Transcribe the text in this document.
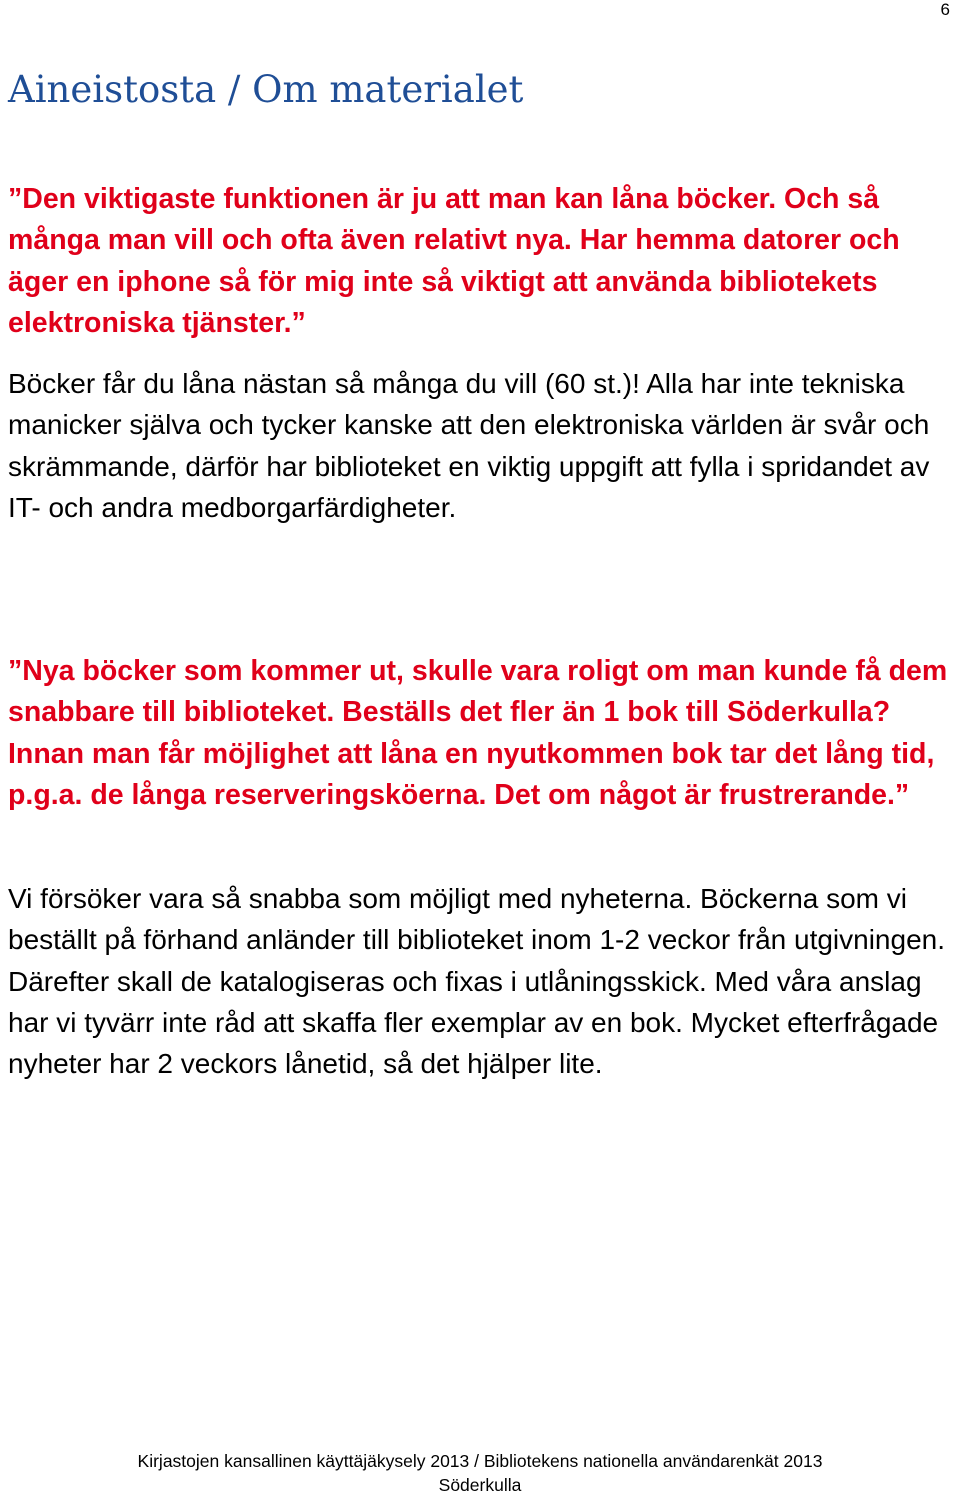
6
Aineistosta / Om materialet

”Den viktigaste funktionen är ju att man kan låna böcker. Och så många man vill och ofta även relativt nya. Har hemma datorer och äger en iphone så för mig inte så viktigt att använda bibliotekets elektroniska tjänster.”

Böcker får du låna nästan så många du vill (60 st.)! Alla har inte tekniska manicker själva och tycker kanske att den elektroniska världen är svår och skrämmande, därför har biblioteket en viktig uppgift att fylla i spridandet av IT- och andra medborgarfärdigheter.

”Nya böcker som kommer ut, skulle vara roligt om man kunde få dem snabbare till biblioteket. Beställs det fler än 1 bok till Söderkulla? Innan man får möjlighet att låna en nyutkommen bok tar det lång tid, p.g.a. de långa reserveringsköerna. Det om något är frustrerande.”

Vi försöker vara så snabba som möjligt med nyheterna. Böckerna som vi beställt på förhand anländer till biblioteket inom 1-2 veckor från utgivningen. Därefter skall de katalogiseras och fixas i utlåningsskick. Med våra anslag har vi tyvärr inte råd att skaffa fler exemplar av en bok. Mycket efterfrågade nyheter har 2 veckors lånetid, så det hjälper lite.

Kirjastojen kansallinen käyttäjäkysely 2013 / Bibliotekens nationella användarenkät 2013
Söderkulla
